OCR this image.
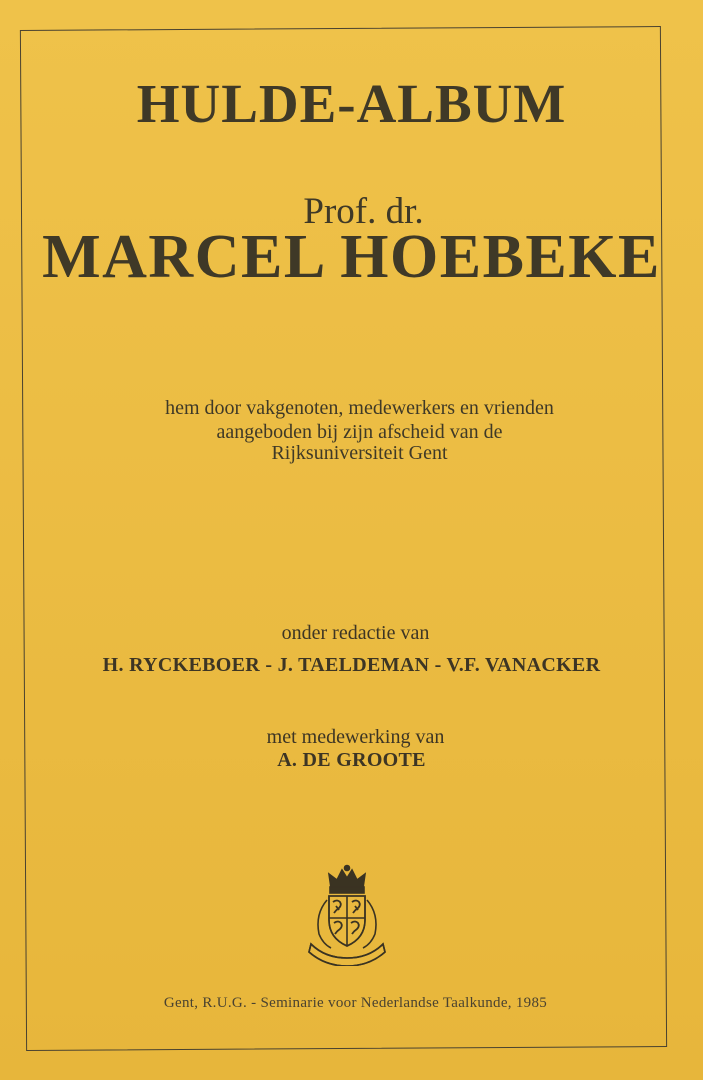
HULDE-ALBUM
Prof. dr.
MARCEL HOEBEKE
hem door vakgenoten, medewerkers en vrienden
aangeboden bij zijn afscheid van de
Rijksuniversiteit Gent
onder redactie van
H. RYCKEBOER - J. TAELDEMAN - V.F. VANACKER
met medewerking van
A. DE GROOTE
Gent, R.U.G. - Seminarie voor Nederlandse Taalkunde, 1985
